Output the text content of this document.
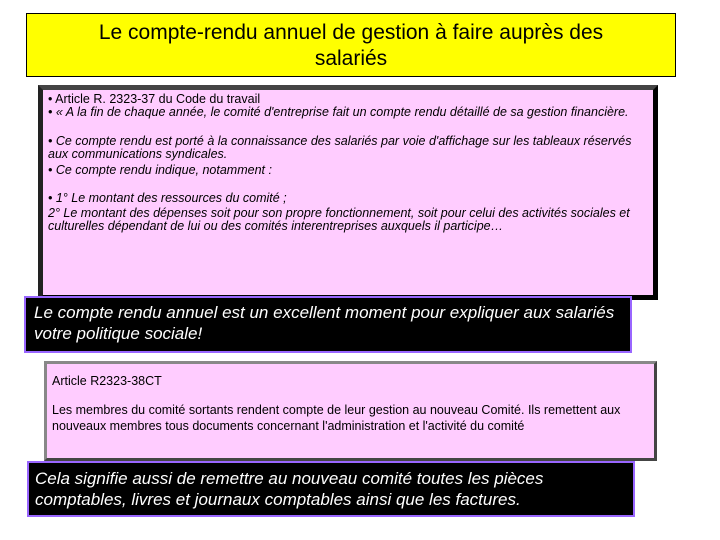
Le compte-rendu annuel de gestion à faire auprès des
salariés

• Article R. 2323-37 du Code du travail

• « A la fin de chaque année, le comité d'entreprise fait un compte rendu détaillé de sa gestion financière.

• Ce compte rendu est porté à la connaissance des salariés par voie d'affichage sur les tableaux réservés aux communications syndicales.

• Ce compte rendu indique, notamment :

• 1° Le montant des ressources du comité ;

2° Le montant des dépenses soit pour son propre fonctionnement, soit pour celui des activités sociales et culturelles dépendant de lui ou des comités interentreprises auxquels il participe…

Le compte rendu annuel est un excellent moment pour expliquer aux salariés votre politique sociale!

Article R2323-38CT

Les membres du comité sortants rendent compte de leur gestion au nouveau Comité. Ils remettent aux nouveaux membres tous documents concernant l'administration et l'activité du comité

Cela signifie aussi de remettre au nouveau comité toutes les pièces comptables, livres et journaux comptables ainsi que les factures.
